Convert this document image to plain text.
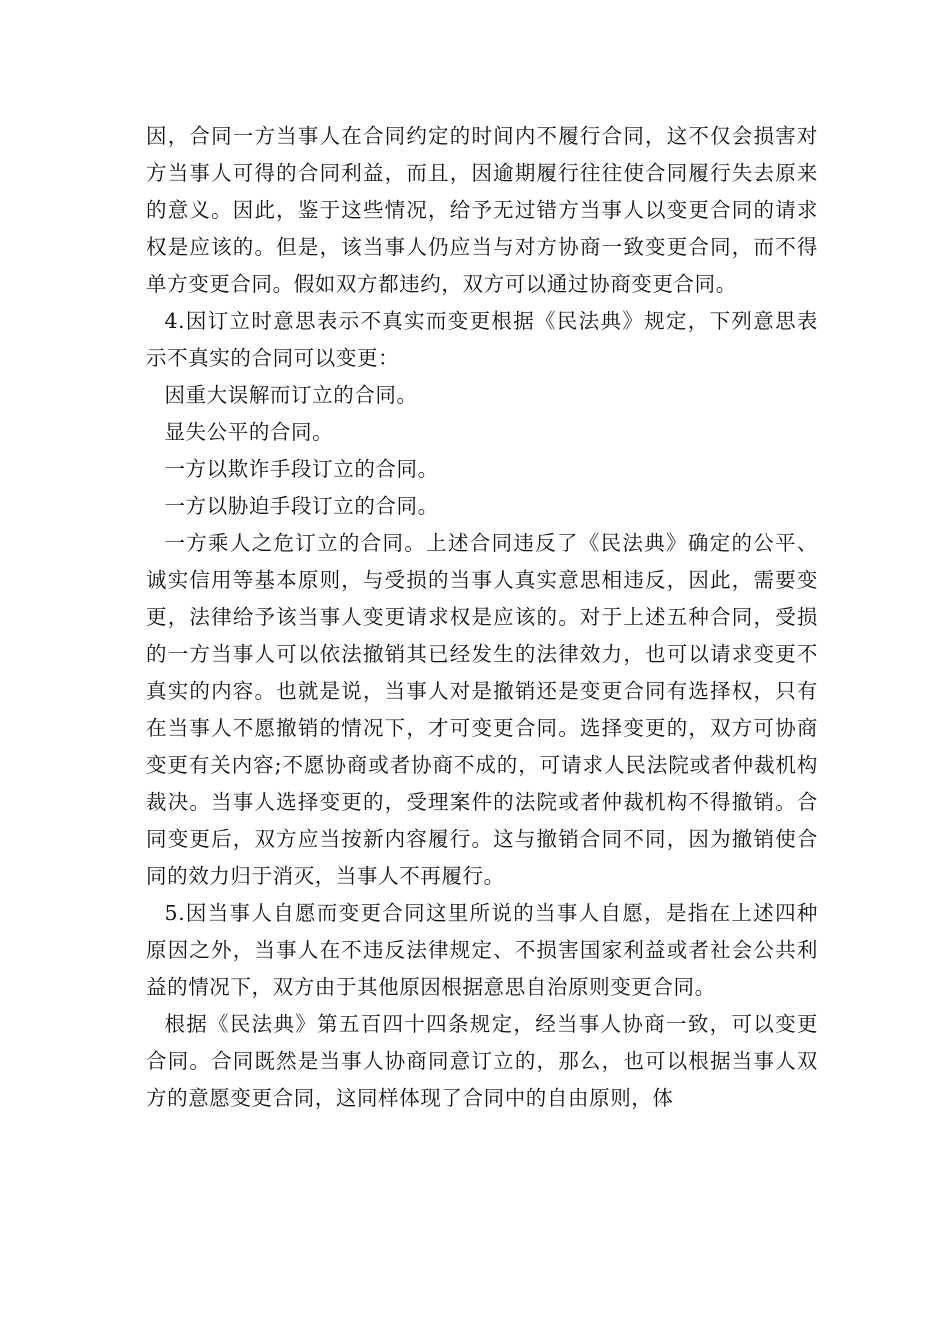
因，合同一方当事人在合同约定的时间内不履行合同，这不仅会损害对方当事人可得的合同利益，而且，因逾期履行往往使合同履行失去原来的意义。因此，鉴于这些情况，给予无过错方当事人以变更合同的请求权是应该的。但是，该当事人仍应当与对方协商一致变更合同，而不得单方变更合同。假如双方都违约，双方可以通过协商变更合同。

4.因订立时意思表示不真实而变更根据《民法典》规定，下列意思表示不真实的合同可以变更：

因重大误解而订立的合同。

显失公平的合同。

一方以欺诈手段订立的合同。

一方以胁迫手段订立的合同。

一方乘人之危订立的合同。上述合同违反了《民法典》确定的公平、诚实信用等基本原则，与受损的当事人真实意思相违反，因此，需要变更，法律给予该当事人变更请求权是应该的。对于上述五种合同，受损的一方当事人可以依法撤销其已经发生的法律效力，也可以请求变更不真实的内容。也就是说，当事人对是撤销还是变更合同有选择权，只有在当事人不愿撤销的情况下，才可变更合同。选择变更的，双方可协商变更有关内容;不愿协商或者协商不成的，可请求人民法院或者仲裁机构裁决。当事人选择变更的，受理案件的法院或者仲裁机构不得撤销。合同变更后，双方应当按新内容履行。这与撤销合同不同，因为撤销使合同的效力归于消灭，当事人不再履行。

5.因当事人自愿而变更合同这里所说的当事人自愿，是指在上述四种原因之外，当事人在不违反法律规定、不损害国家利益或者社会公共利益的情况下，双方由于其他原因根据意思自治原则变更合同。

根据《民法典》第五百四十四条规定，经当事人协商一致，可以变更合同。合同既然是当事人协商同意订立的，那么，也可以根据当事人双方的意愿变更合同，这同样体现了合同中的自由原则，体
